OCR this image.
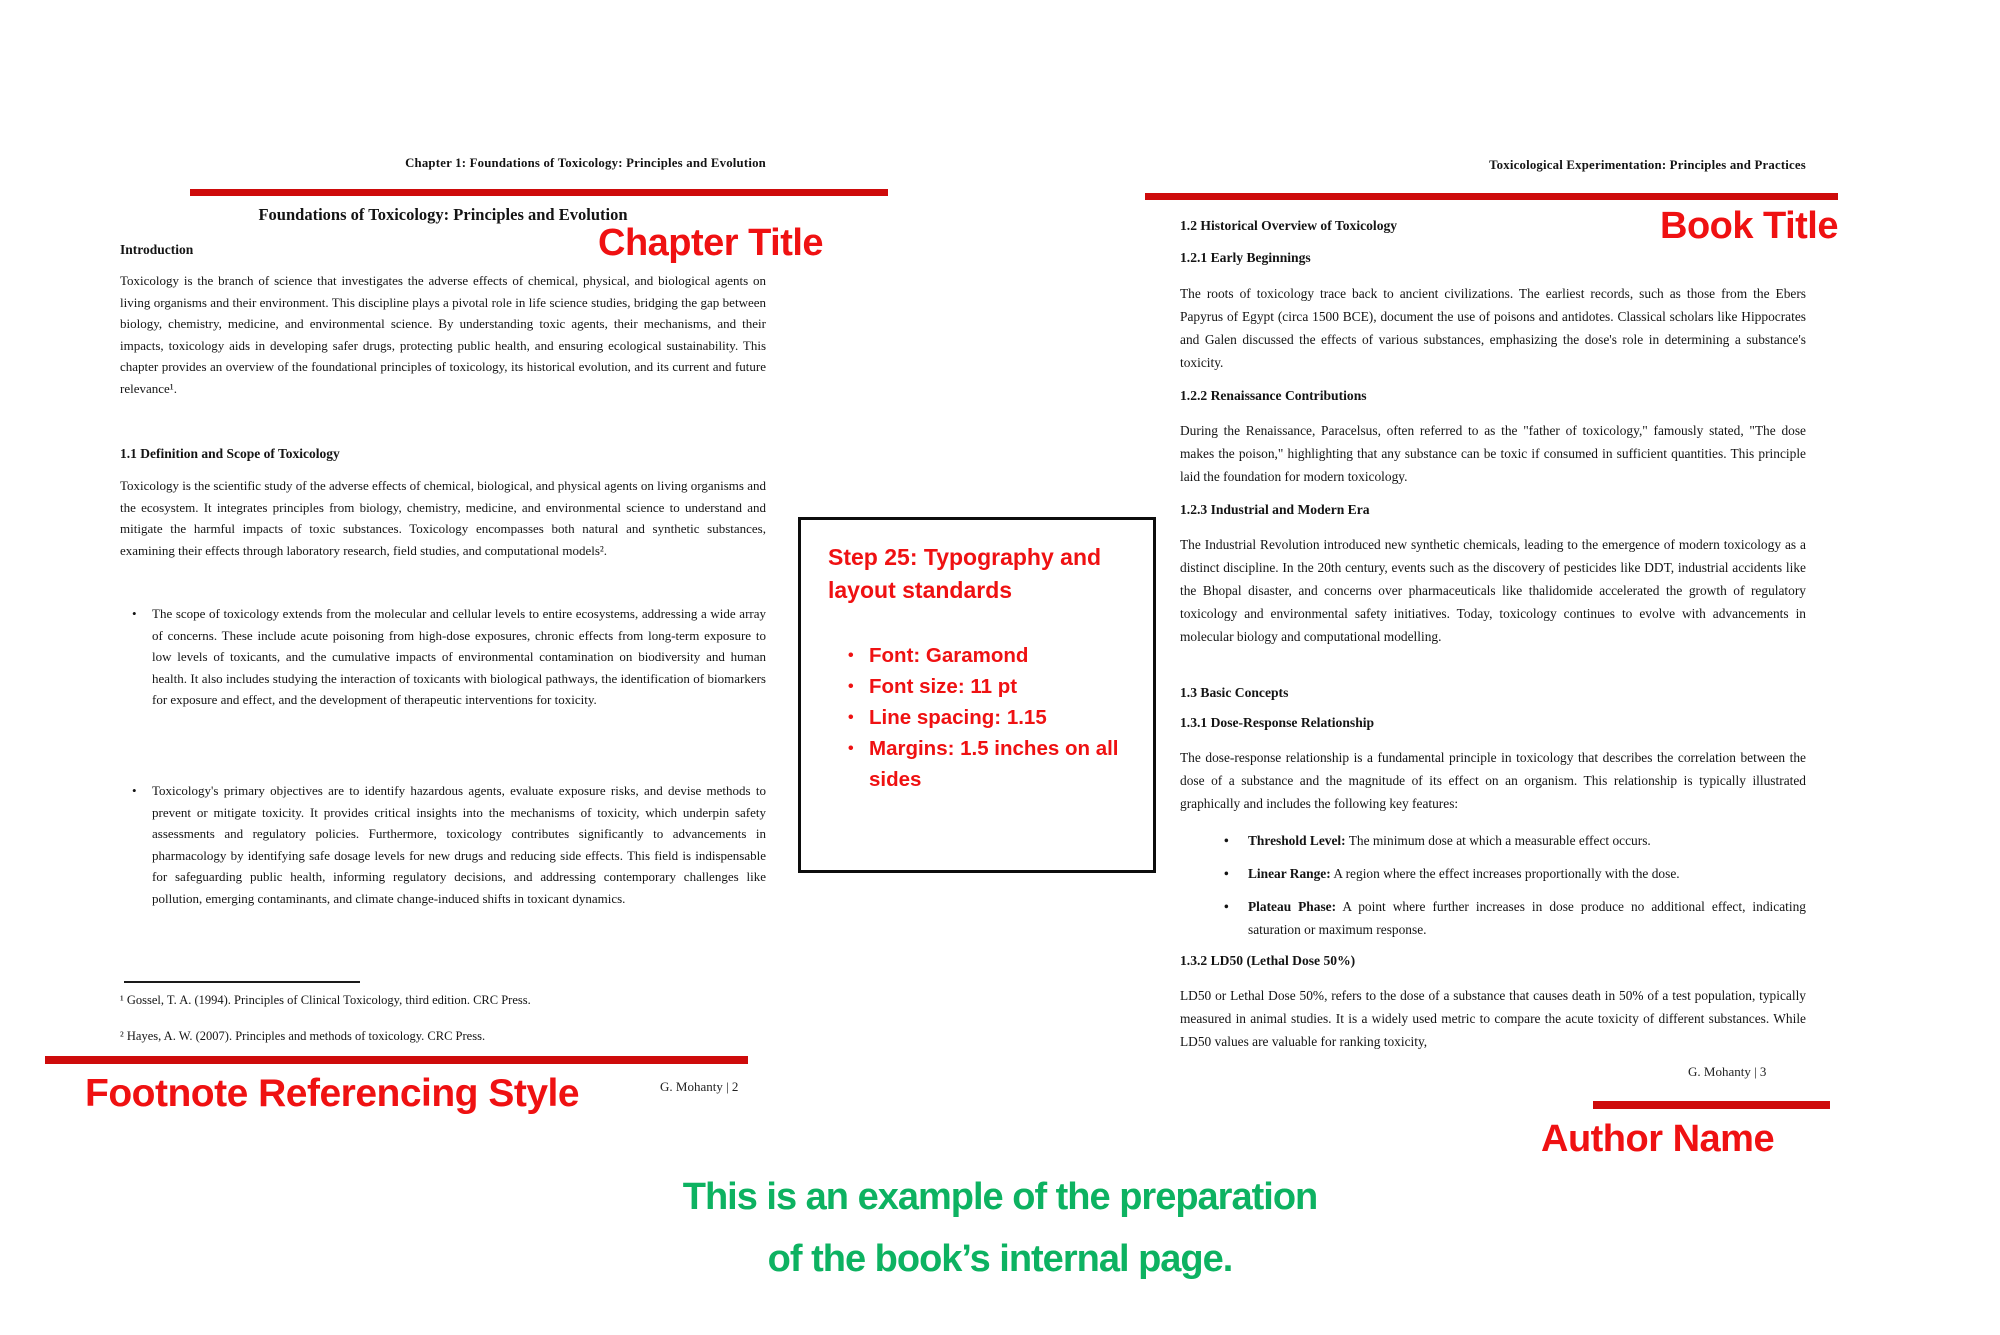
Chapter 1: Foundations of Toxicology: Principles and Evolution
Foundations of Toxicology: Principles and Evolution
Introduction
Toxicology is the branch of science that investigates the adverse effects of chemical, physical, and biological agents on living organisms and their environment. This discipline plays a pivotal role in life science studies, bridging the gap between biology, chemistry, medicine, and environmental science. By understanding toxic agents, their mechanisms, and their impacts, toxicology aids in developing safer drugs, protecting public health, and ensuring ecological sustainability. This chapter provides an overview of the foundational principles of toxicology, its historical evolution, and its current and future relevance¹.
1.1 Definition and Scope of Toxicology
Toxicology is the scientific study of the adverse effects of chemical, biological, and physical agents on living organisms and the ecosystem. It integrates principles from biology, chemistry, medicine, and environmental science to understand and mitigate the harmful impacts of toxic substances. Toxicology encompasses both natural and synthetic substances, examining their effects through laboratory research, field studies, and computational models².
• The scope of toxicology extends from the molecular and cellular levels to entire ecosystems, addressing a wide array of concerns. These include acute poisoning from high-dose exposures, chronic effects from long-term exposure to low levels of toxicants, and the cumulative impacts of environmental contamination on biodiversity and human health. It also includes studying the interaction of toxicants with biological pathways, the identification of biomarkers for exposure and effect, and the development of therapeutic interventions for toxicity.
• Toxicology's primary objectives are to identify hazardous agents, evaluate exposure risks, and devise methods to prevent or mitigate toxicity. It provides critical insights into the mechanisms of toxicity, which underpin safety assessments and regulatory policies. Furthermore, toxicology contributes significantly to advancements in pharmacology by identifying safe dosage levels for new drugs and reducing side effects. This field is indispensable for safeguarding public health, informing regulatory decisions, and addressing contemporary challenges like pollution, emerging contaminants, and climate change-induced shifts in toxicant dynamics.
¹ Gossel, T. A. (1994). Principles of Clinical Toxicology, third edition. CRC Press.
² Hayes, A. W. (2007). Principles and methods of toxicology. CRC Press.
G. Mohanty | 2
Toxicological Experimentation: Principles and Practices
1.2 Historical Overview of Toxicology
1.2.1 Early Beginnings
The roots of toxicology trace back to ancient civilizations. The earliest records, such as those from the Ebers Papyrus of Egypt (circa 1500 BCE), document the use of poisons and antidotes. Classical scholars like Hippocrates and Galen discussed the effects of various substances, emphasizing the dose's role in determining a substance's toxicity.
1.2.2 Renaissance Contributions
During the Renaissance, Paracelsus, often referred to as the "father of toxicology," famously stated, "The dose makes the poison," highlighting that any substance can be toxic if consumed in sufficient quantities. This principle laid the foundation for modern toxicology.
1.2.3 Industrial and Modern Era
The Industrial Revolution introduced new synthetic chemicals, leading to the emergence of modern toxicology as a distinct discipline. In the 20th century, events such as the discovery of pesticides like DDT, industrial accidents like the Bhopal disaster, and concerns over pharmaceuticals like thalidomide accelerated the growth of regulatory toxicology and environmental safety initiatives. Today, toxicology continues to evolve with advancements in molecular biology and computational modelling.
1.3 Basic Concepts
1.3.1 Dose-Response Relationship
The dose-response relationship is a fundamental principle in toxicology that describes the correlation between the dose of a substance and the magnitude of its effect on an organism. This relationship is typically illustrated graphically and includes the following key features:
• Threshold Level: The minimum dose at which a measurable effect occurs.
• Linear Range: A region where the effect increases proportionally with the dose.
• Plateau Phase: A point where further increases in dose produce no additional effect, indicating saturation or maximum response.
1.3.2 LD50 (Lethal Dose 50%)
LD50 or Lethal Dose 50%, refers to the dose of a substance that causes death in 50% of a test population, typically measured in animal studies. It is a widely used metric to compare the acute toxicity of different substances. While LD50 values are valuable for ranking toxicity,
G. Mohanty | 3
Step 25: Typography and layout standards
• Font: Garamond
• Font size: 11 pt
• Line spacing: 1.15
• Margins: 1.5 inches on all sides
Chapter Title	Book Title
Footnote Referencing Style
Author Name
This is an example of the preparation
of the book’s internal page.
